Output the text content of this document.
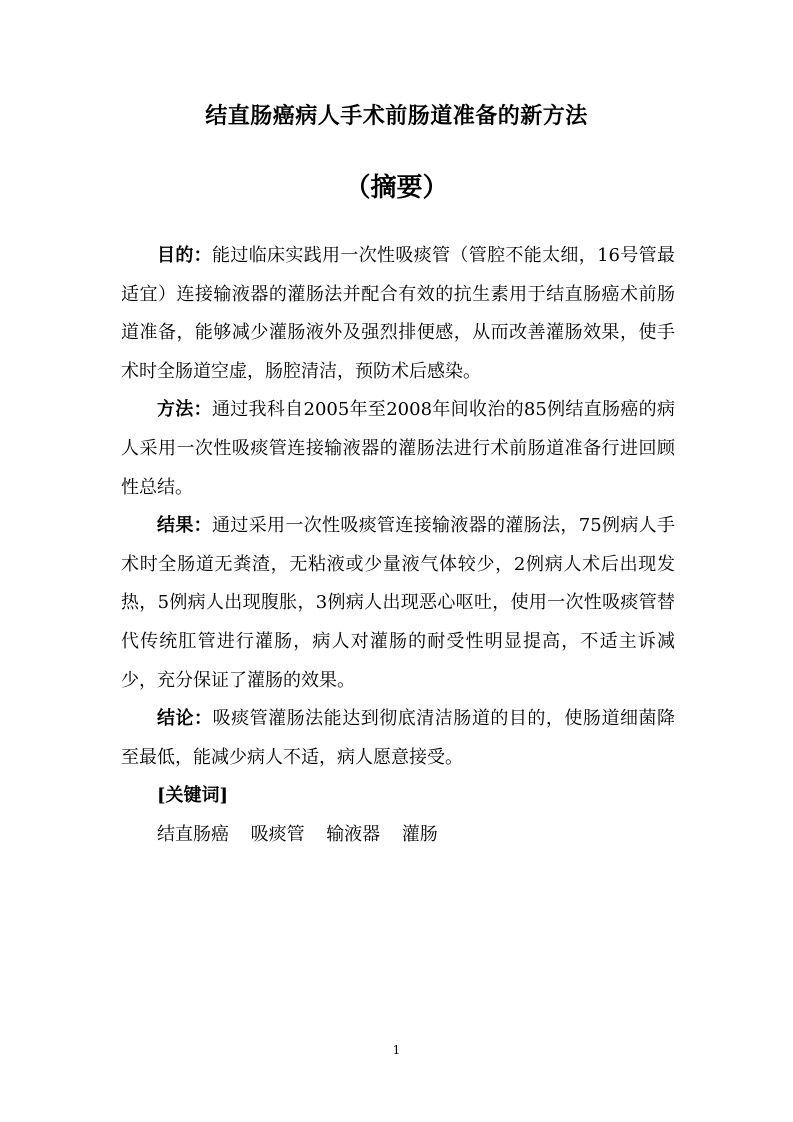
结直肠癌病人手术前肠道准备的新方法
（摘要）

目的：能过临床实践用一次性吸痰管（管腔不能太细，16号管最适宜）连接输液器的灌肠法并配合有效的抗生素用于结直肠癌术前肠道准备，能够减少灌肠液外及强烈排便感，从而改善灌肠效果，使手术时全肠道空虚，肠腔清洁，预防术后感染。

方法：通过我科自2005年至2008年间收治的85例结直肠癌的病人采用一次性吸痰管连接输液器的灌肠法进行术前肠道准备行进回顾性总结。

结果：通过采用一次性吸痰管连接输液器的灌肠法，75例病人手术时全肠道无粪渣，无粘液或少量液气体较少，2例病人术后出现发热，5例病人出现腹胀，3例病人出现恶心呕吐，使用一次性吸痰管替代传统肛管进行灌肠，病人对灌肠的耐受性明显提高，不适主诉减少，充分保证了灌肠的效果。

结论：吸痰管灌肠法能达到彻底清洁肠道的目的，使肠道细菌降至最低，能减少病人不适，病人愿意接受。

[关键词]

结直肠癌 吸痰管 输液器 灌肠

1
